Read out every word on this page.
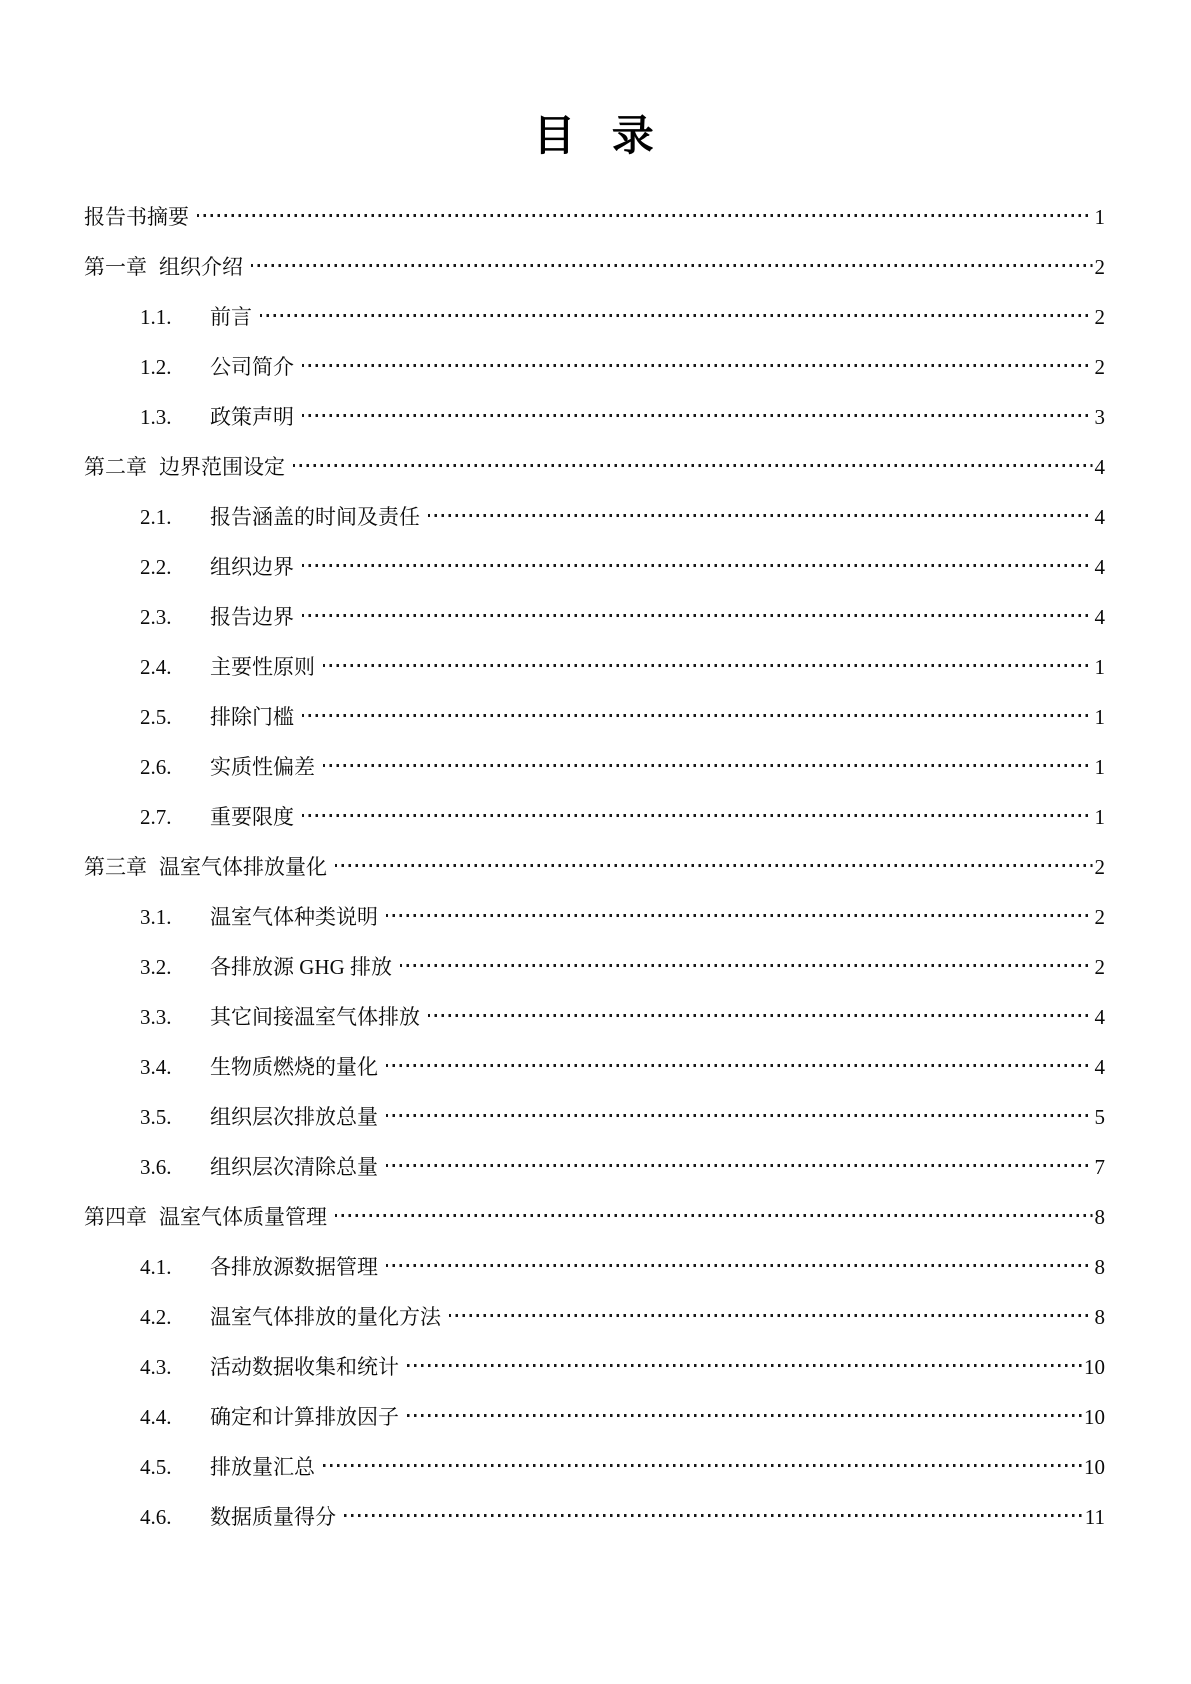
目 录
报告书摘要	1
第一章 组织介绍	2
1.1.	前言	2
1.2.	公司简介	2
1.3.	政策声明	3
第二章 边界范围设定	4
2.1.	报告涵盖的时间及责任	4
2.2.	组织边界	4
2.3.	报告边界	4
2.4.	主要性原则	1
2.5.	排除门槛	1
2.6.	实质性偏差	1
2.7.	重要限度	1
第三章 温室气体排放量化	2
3.1.	温室气体种类说明	2
3.2.	各排放源 GHG 排放	2
3.3.	其它间接温室气体排放	4
3.4.	生物质燃烧的量化	4
3.5.	组织层次排放总量	5
3.6.	组织层次清除总量	7
第四章 温室气体质量管理	8
4.1.	各排放源数据管理	8
4.2.	温室气体排放的量化方法	8
4.3.	活动数据收集和统计	10
4.4.	确定和计算排放因子	10
4.5.	排放量汇总	10
4.6.	数据质量得分	11
